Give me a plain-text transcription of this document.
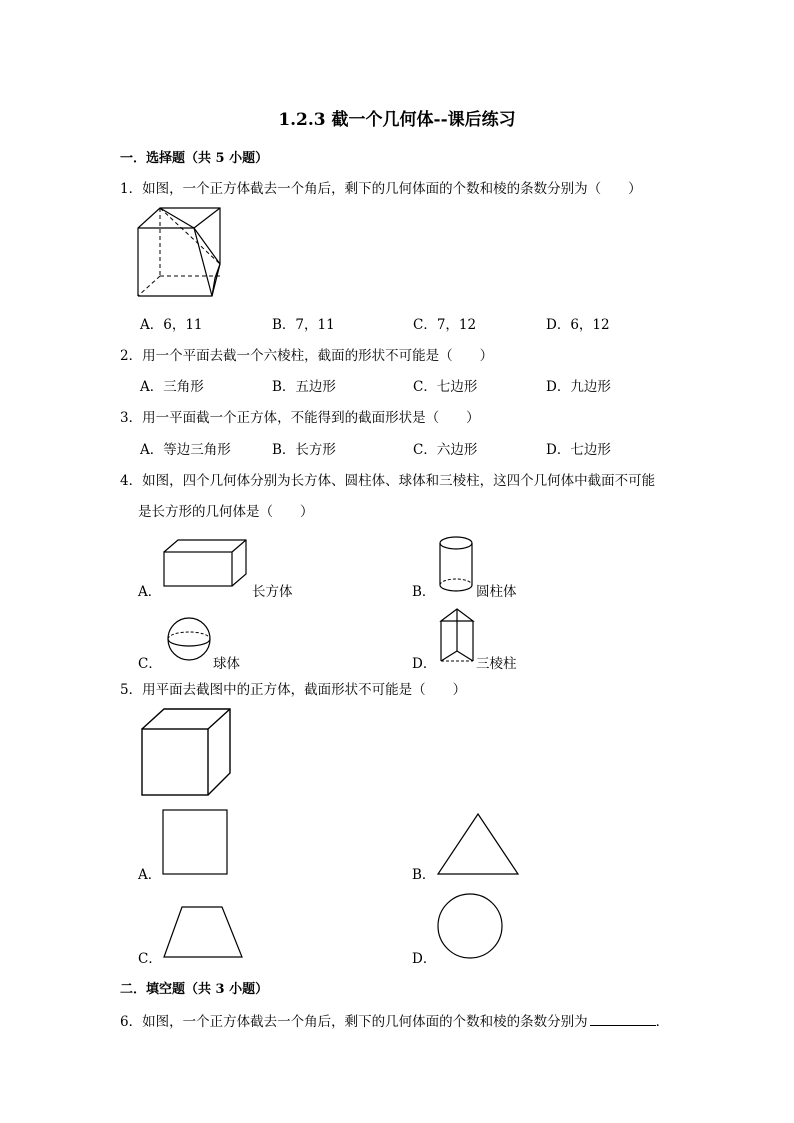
1.2.3 截一个几何体--课后练习
一．选择题（共 5 小题）
1．如图，一个正方体截去一个角后，剩下的几何体面的个数和棱的条数分别为（　　）
A．6，11	B．7，11	C．7，12	D．6，12
2．用一个平面去截一个六棱柱，截面的形状不可能是（　　）
A．三角形	B．五边形	C．七边形	D．九边形
3．用一平面截一个正方体，不能得到的截面形状是（　　）
A．等边三角形	B．长方形	C．六边形	D．七边形
4．如图，四个几何体分别为长方体、圆柱体、球体和三棱柱，这四个几何体中截面不可能
是长方形的几何体是（　　）
A．	长方体	B．	圆柱体
C．	球体	D．	三棱柱
5．用平面去截图中的正方体，截面形状不可能是（　　）
A．	B．
C．	D．
二．填空题（共 3 小题）
6．如图，一个正方体截去一个角后，剩下的几何体面的个数和棱的条数分别为	．
